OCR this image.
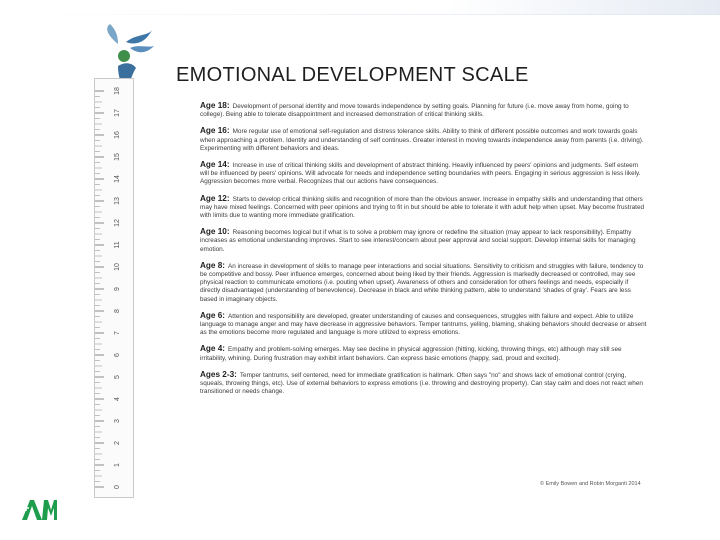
EMOTIONAL DEVELOPMENT SCALE
18
17
16
15
14
13
12
11
10
9
8
7
6
5
4
3
2
1
0

Age 18: Development of personal identity and move towards independence by setting goals. Planning for future (i.e. move away from home, going to college). Being able to tolerate disappointment and increased demonstration of critical thinking skills.

Age 16: More regular use of emotional self-regulation and distress tolerance skills. Ability to think of different possible outcomes and work towards goals when approaching a problem. Identity and understanding of self continues. Greater interest in moving towards independence away from parents (i.e. driving). Experimenting with different behaviors and ideas.

Age 14: Increase in use of critical thinking skills and development of abstract thinking. Heavily influenced by peers' opinions and judgments. Self esteem will be influenced by peers' opinions. Will advocate for needs and independence setting boundaries with peers. Engaging in serious aggression is less likely. Aggression becomes more verbal. Recognizes that our actions have consequences.

Age 12: Starts to develop critical thinking skills and recognition of more than the obvious answer. Increase in empathy skills and understanding that others may have mixed feelings. Concerned with peer opinions and trying to fit in but should be able to tolerate it with adult help when upset. May become frustrated with limits due to wanting more immediate gratification.

Age 10: Reasoning becomes logical but if what is to solve a problem may ignore or redefine the situation (may appear to lack responsibility). Empathy increases as emotional understanding improves. Start to see interest/concern about peer approval and social support. Develop internal skills for managing emotion.

Age 8: An increase in development of skills to manage peer interactions and social situations. Sensitivity to criticism and struggles with failure, tendency to be competitive and bossy. Peer influence emerges, concerned about being liked by their friends. Aggression is markedly decreased or controlled, may see physical reaction to communicate emotions (i.e. pouting when upset). Awareness of others and consideration for others feelings and needs, especially if directly disadvantaged (understanding of benevolence). Decrease in black and white thinking pattern, able to understand 'shades of gray'. Fears are less based in imaginary objects.

Age 6: Attention and responsibility are developed, greater understanding of causes and consequences, struggles with failure and expect. Able to utilize language to manage anger and may have decrease in aggressive behaviors. Temper tantrums, yelling, blaming, shaking behaviors should decrease or absent as the emotions become more regulated and language is more utilized to express emotions.

Age 4: Empathy and problem-solving emerges. May see decline in physical aggression (hitting, kicking, throwing things, etc) although may still see irritability, whining. During frustration may exhibit infant behaviors. Can express basic emotions (happy, sad, proud and excited).

Ages 2-3: Temper tantrums, self centered, need for immediate gratification is hallmark. Often says "no" and shows lack of emotional control (crying, squeals, throwing things, etc). Use of external behaviors to express emotions (i.e. throwing and destroying property). Can stay calm and does not react when transitioned or needs change.

© Emily Bowen and Robin Morganti 2014
